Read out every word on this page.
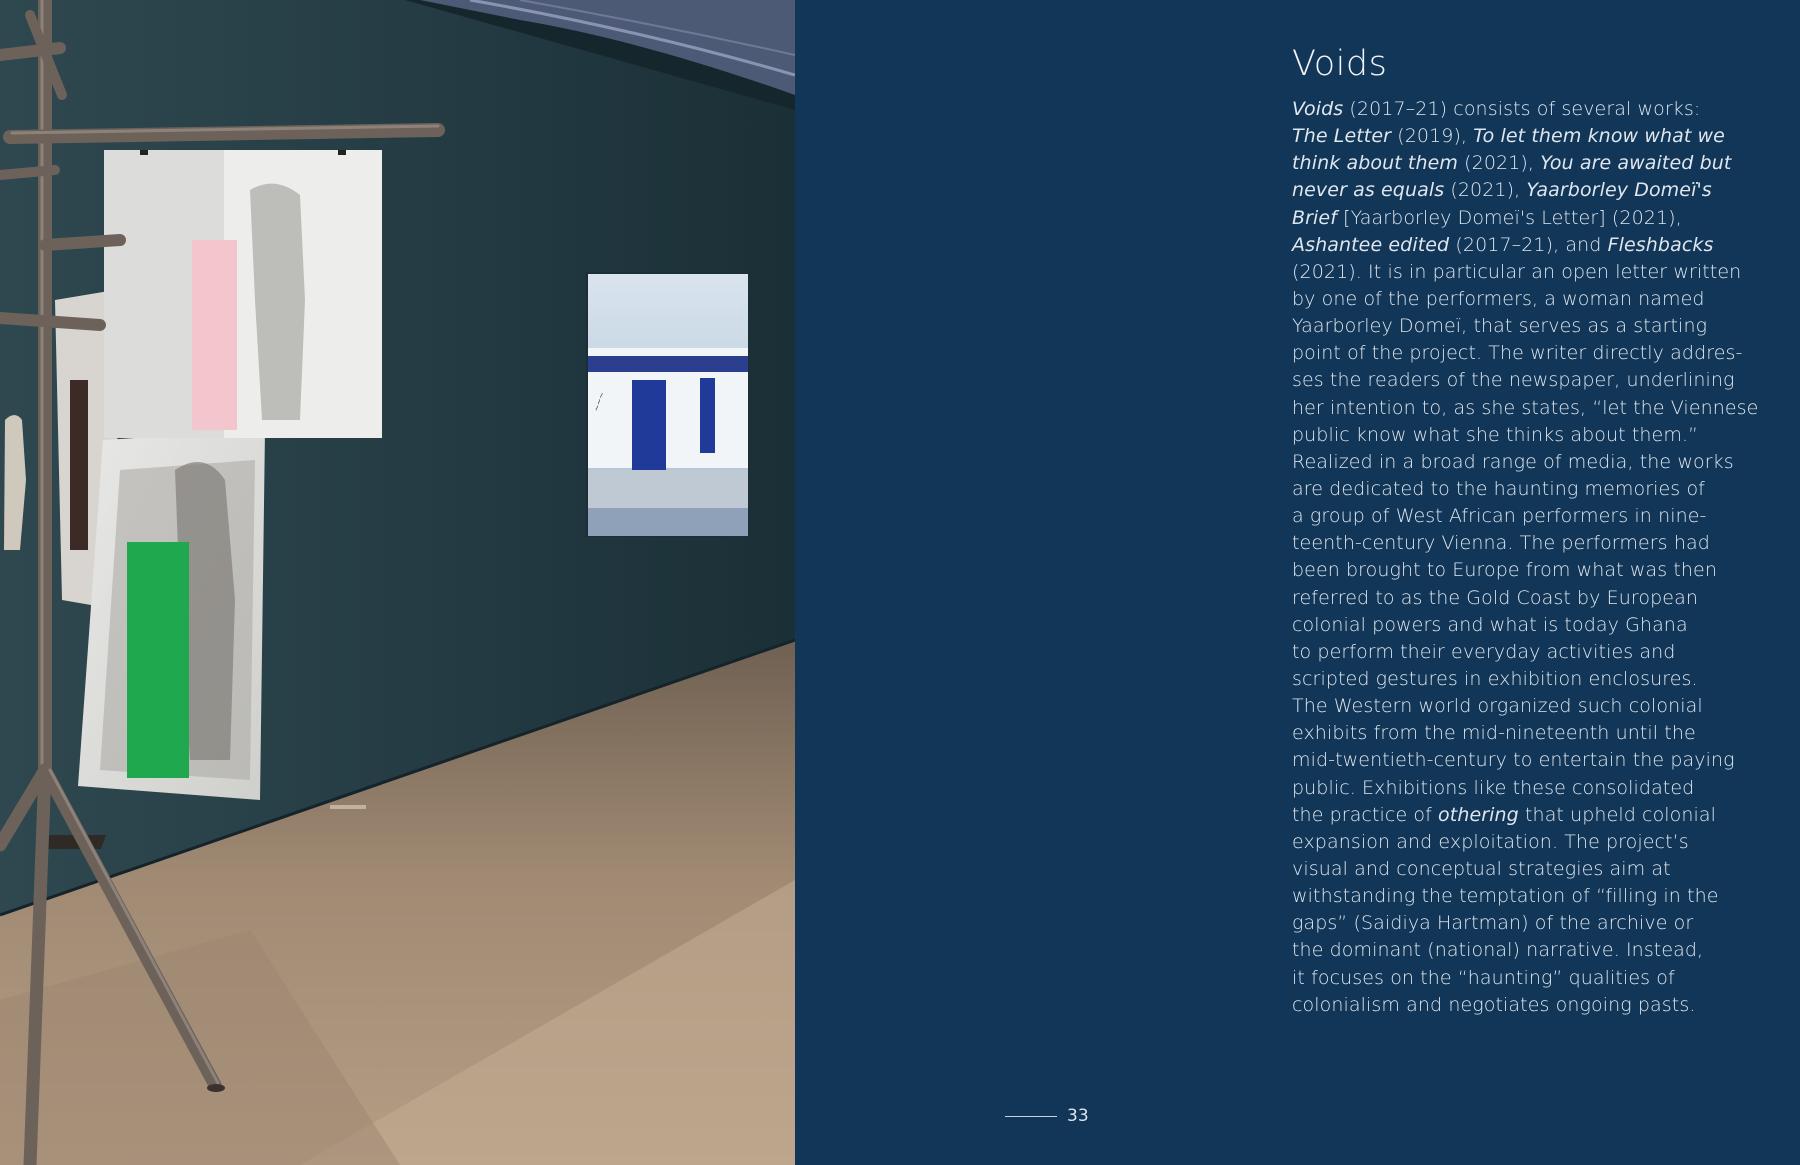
~~~
Voids
Voids (2017–21) consists of several works:
The Letter (2019), To let them know what we
think about them (2021), You are awaited but
never as equals (2021), Yaarborley Domeï's
Brief [Yaarborley Domeï's Letter] (2021),
Ashantee edited (2017–21), and Fleshbacks
(2021). It is in particular an open letter written
by one of the performers, a woman named
Yaarborley Domeï, that serves as a starting
point of the project. The writer directly addres-
ses the readers of the newspaper, underlining
her intention to, as she states, “let the Viennese
public know what she thinks about them.”
Realized in a broad range of media, the works
are dedicated to the haunting memories of
a group of West African performers in nine-
teenth-century Vienna. The performers had
been brought to Europe from what was then
referred to as the Gold Coast by European
colonial powers and what is today Ghana
to perform their everyday activities and
scripted gestures in exhibition enclosures.
The Western world organized such colonial
exhibits from the mid-nineteenth until the
mid-twentieth-century to entertain the paying
public. Exhibitions like these consolidated
the practice of othering that upheld colonial
expansion and exploitation. The project’s
visual and conceptual strategies aim at
withstanding the temptation of “filling in the
gaps” (Saidiya Hartman) of the archive or
the dominant (national) narrative. Instead,
it focuses on the “haunting” qualities of
colonialism and negotiates ongoing pasts.
33
